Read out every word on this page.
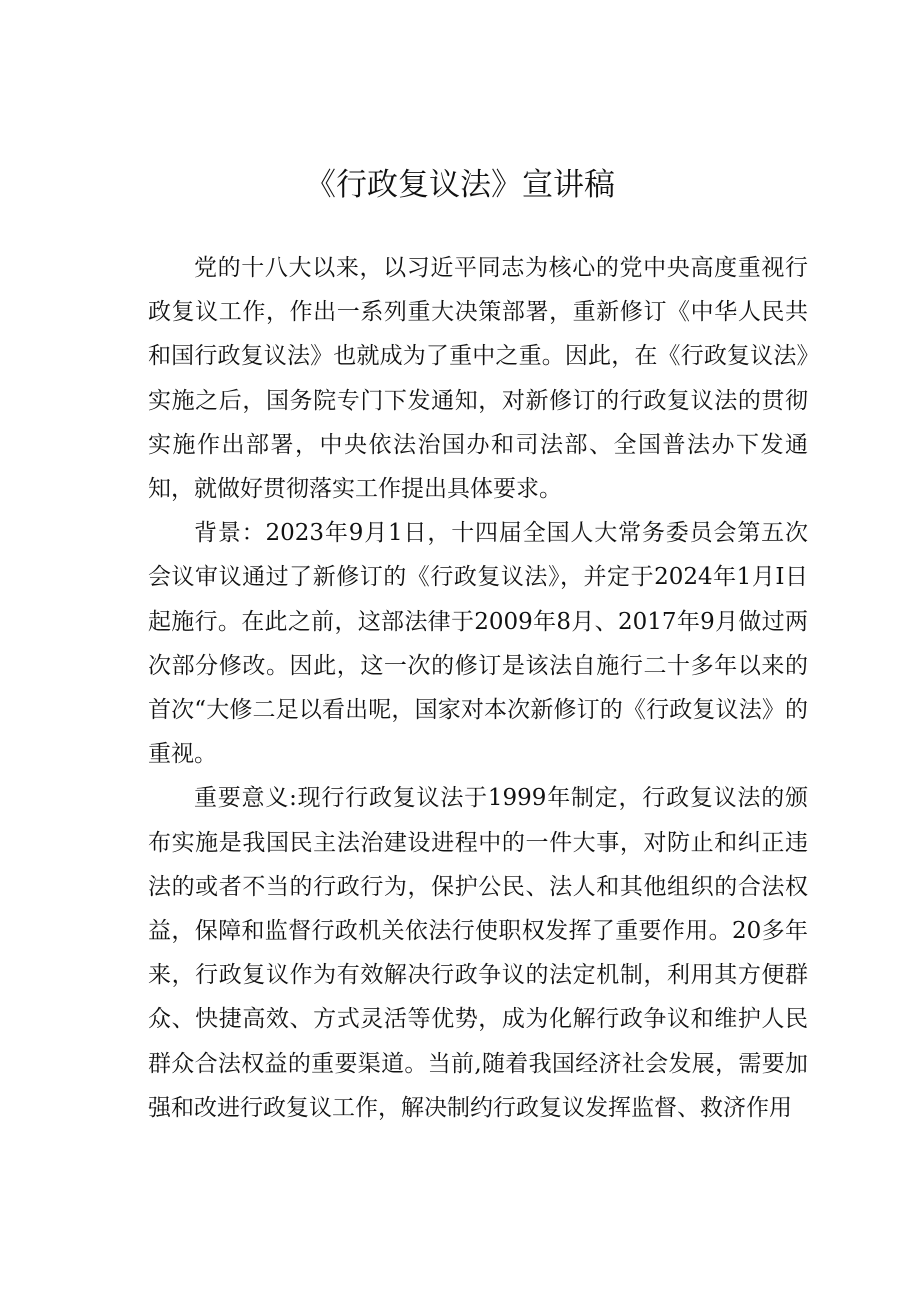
《行政复议法》宣讲稿

党的十八大以来，以习近平同志为核心的党中央高度重视行政复议工作，作出一系列重大决策部署，重新修订《中华人民共和国行政复议法》也就成为了重中之重。因此，在《行政复议法》实施之后，国务院专门下发通知，对新修订的行政复议法的贯彻实施作出部署，中央依法治国办和司法部、全国普法办下发通知，就做好贯彻落实工作提出具体要求。

背景：2023年9月1日，十四届全国人大常务委员会第五次会议审议通过了新修订的《行政复议法》，并定于2024年1月I日起施行。在此之前，这部法律于2009年8月、2017年9月做过两次部分修改。因此，这一次的修订是该法自施行二十多年以来的首次“大修二足以看出呢，国家对本次新修订的《行政复议法》的重视。

重要意义:现行行政复议法于1999年制定，行政复议法的颁布实施是我国民主法治建设进程中的一件大事，对防止和纠正违法的或者不当的行政行为，保护公民、法人和其他组织的合法权益，保障和监督行政机关依法行使职权发挥了重要作用。20多年来，行政复议作为有效解决行政争议的法定机制，利用其方便群众、快捷高效、方式灵活等优势，成为化解行政争议和维护人民群众合法权益的重要渠道。当前,随着我国经济社会发展，需要加强和改进行政复议工作，解决制约行政复议发挥监督、救济作用
